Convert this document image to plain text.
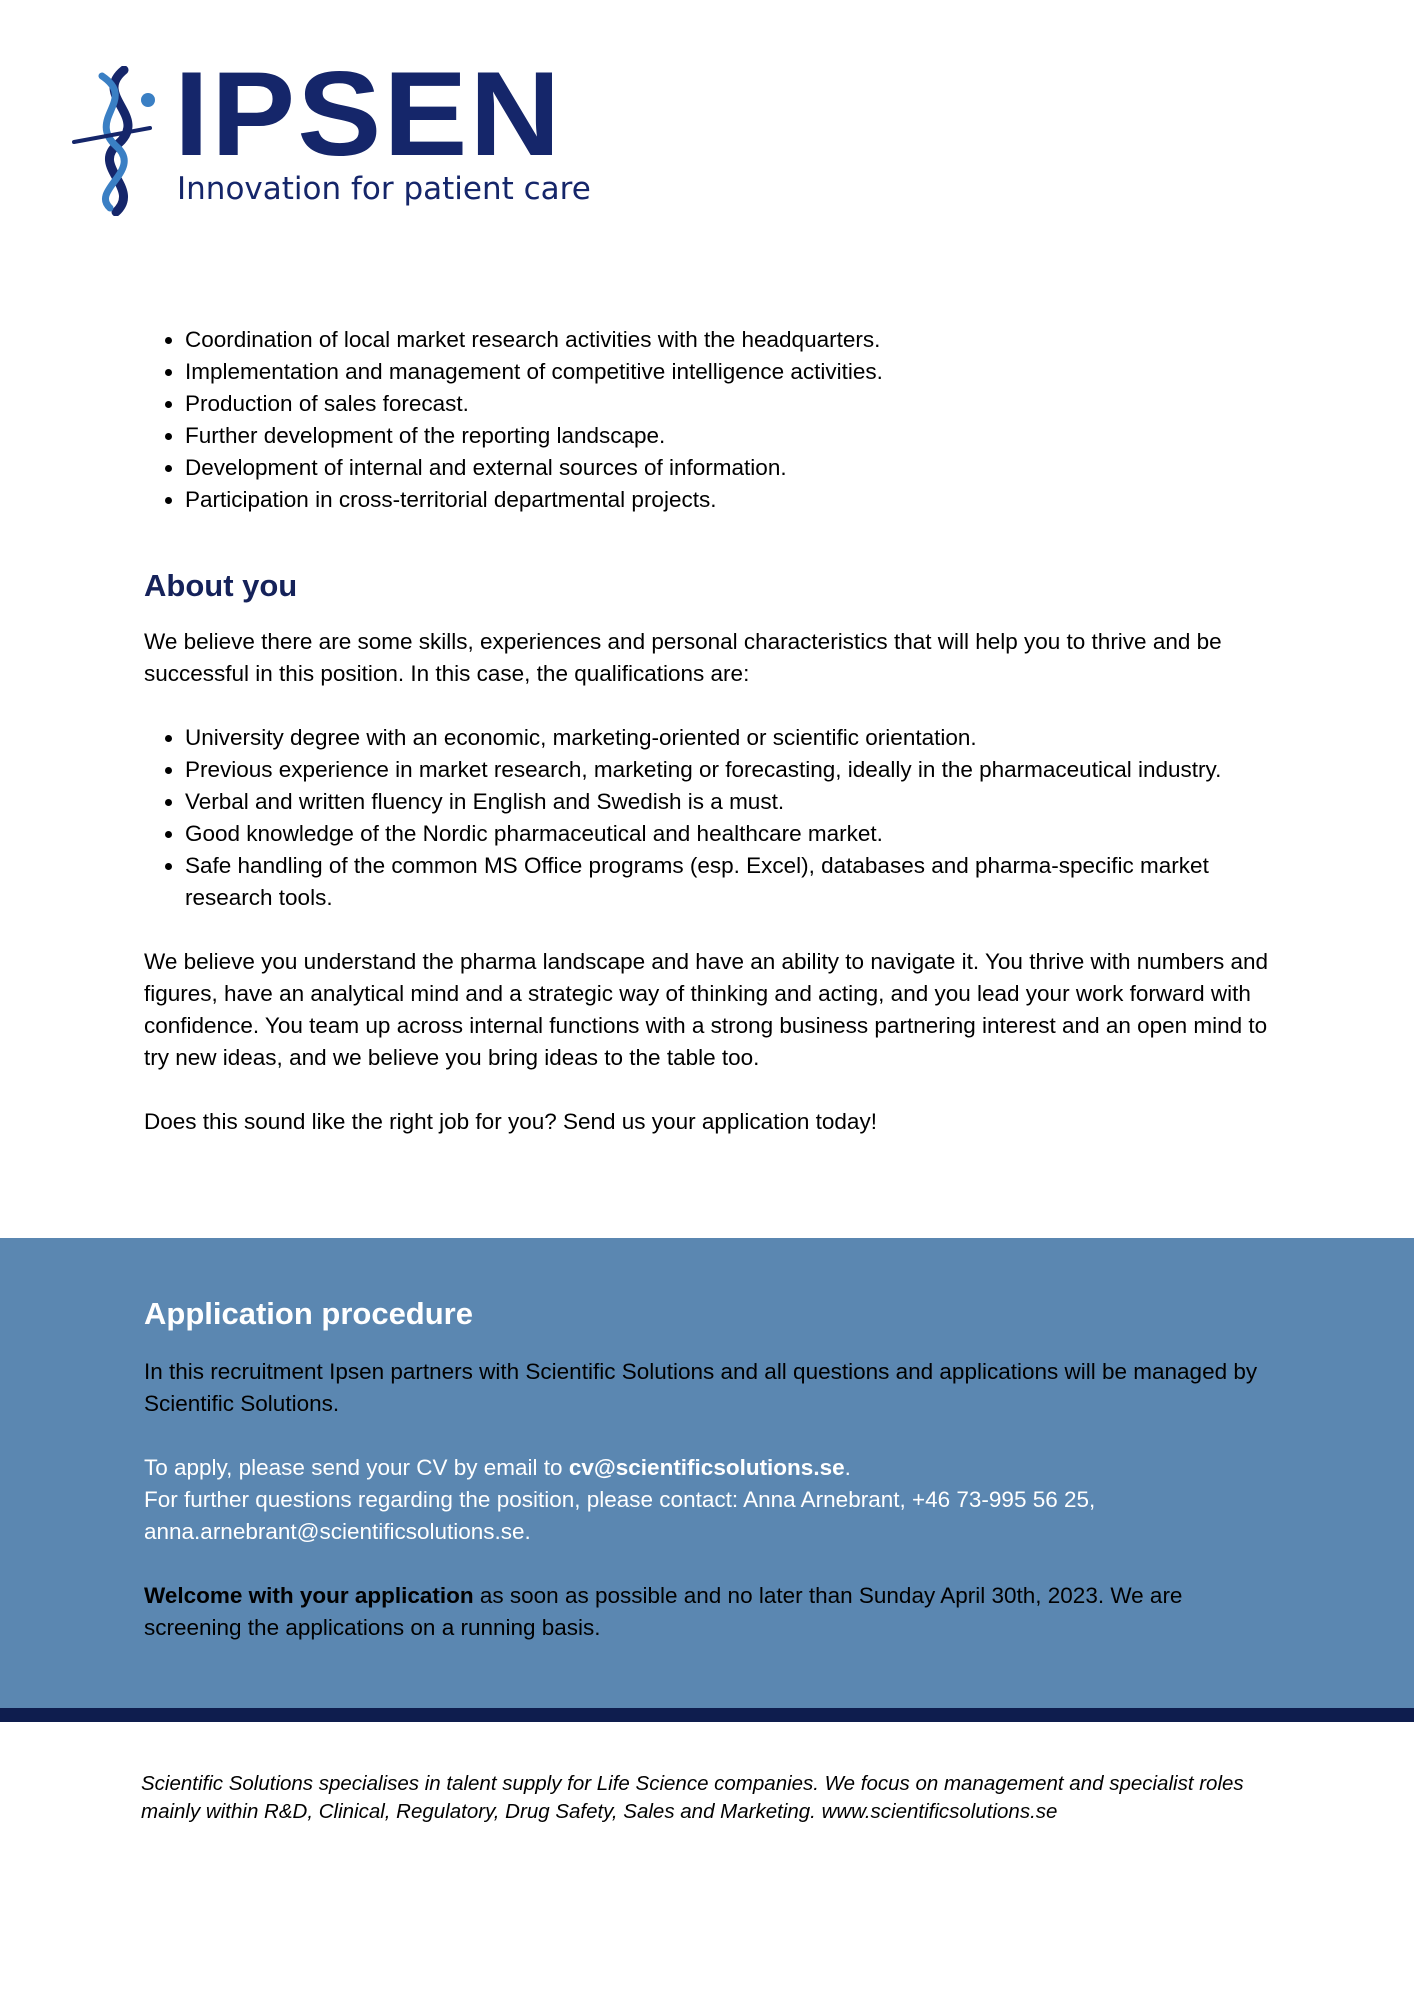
IPSEN
Innovation for patient care
• Coordination of local market research activities with the headquarters.
• Implementation and management of competitive intelligence activities.
• Production of sales forecast.
• Further development of the reporting landscape.
• Development of internal and external sources of information.
• Participation in cross-territorial departmental projects.
About you

We believe there are some skills, experiences and personal characteristics that will help you to thrive and be successful in this position. In this case, the qualifications are:

• University degree with an economic, marketing-oriented or scientific orientation.
• Previous experience in market research, marketing or forecasting, ideally in the pharmaceutical industry.
• Verbal and written fluency in English and Swedish is a must.
• Good knowledge of the Nordic pharmaceutical and healthcare market.
• Safe handling of the common MS Office programs (esp. Excel), databases and pharma-specific market research tools.

We believe you understand the pharma landscape and have an ability to navigate it. You thrive with numbers and figures, have an analytical mind and a strategic way of thinking and acting, and you lead your work forward with confidence. You team up across internal functions with a strong business partnering interest and an open mind to try new ideas, and we believe you bring ideas to the table too.

Does this sound like the right job for you? Send us your application today!

Application procedure

In this recruitment Ipsen partners with Scientific Solutions and all questions and applications will be managed by Scientific Solutions.

To apply, please send your CV by email to cv@scientificsolutions.se.

For further questions regarding the position, please contact: Anna Arnebrant, +46 73-995 56 25, anna.arnebrant@scientificsolutions.se.

Welcome with your application as soon as possible and no later than Sunday April 30th, 2023. We are screening the applications on a running basis.

Scientific Solutions specialises in talent supply for Life Science companies. We focus on management and specialist roles mainly within R&D, Clinical, Regulatory, Drug Safety, Sales and Marketing. www.scientificsolutions.se
